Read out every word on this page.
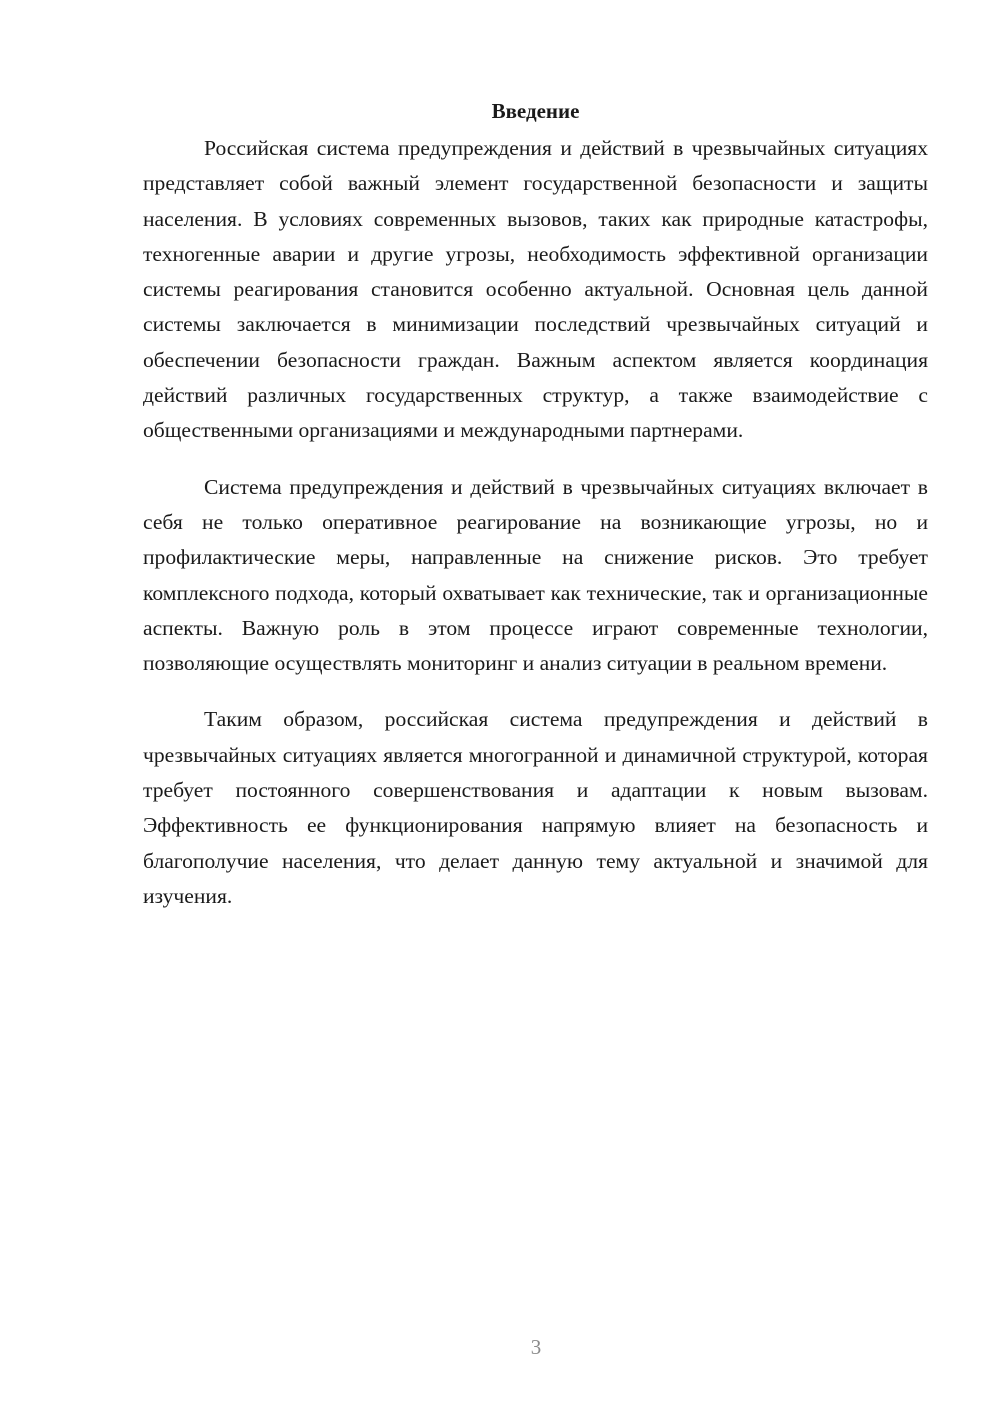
Введение

Российская система предупреждения и действий в чрезвычайных ситуациях представляет собой важный элемент государственной безопасности и защиты населения. В условиях современных вызовов, таких как природные катастрофы, техногенные аварии и другие угрозы, необходимость эффективной организации системы реагирования становится особенно актуальной. Основная цель данной системы заключается в минимизации последствий чрезвычайных ситуаций и обеспечении безопасности граждан. Важным аспектом является координация действий различных государственных структур, а также взаимодействие с общественными организациями и международными партнерами.

Система предупреждения и действий в чрезвычайных ситуациях включает в себя не только оперативное реагирование на возникающие угрозы, но и профилактические меры, направленные на снижение рисков. Это требует комплексного подхода, который охватывает как технические, так и организационные аспекты. Важную роль в этом процессе играют современные технологии, позволяющие осуществлять мониторинг и анализ ситуации в реальном времени.

Таким образом, российская система предупреждения и действий в чрезвычайных ситуациях является многогранной и динамичной структурой, которая требует постоянного совершенствования и адаптации к новым вызовам. Эффективность ее функционирования напрямую влияет на безопасность и благополучие населения, что делает данную тему актуальной и значимой для изучения.

3
